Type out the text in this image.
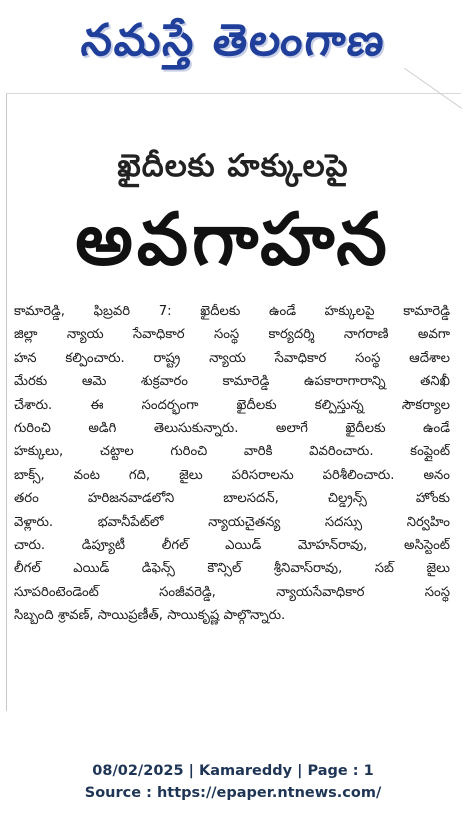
నమస్తే తెలంగాణ
ఖైదీలకు హక్కులపై
అవగాహన
కామారెడ్డి, ఫిబ్రవరి 7: ఖైదీలకు ఉండే హక్కులపై కామారెడ్డి
జిల్లా న్యాయ సేవాధికార సంస్థ కార్యదర్శి నాగరాణి అవగా
హన కల్పించారు. రాష్ట్ర న్యాయ సేవాధికార సంస్థ ఆదేశాల
మేరకు ఆమె శుక్రవారం కామారెడ్డి ఉపకారాగారాన్ని తనిఖీ
చేశారు. ఈ సందర్భంగా ఖైదీలకు కల్పిస్తున్న సౌకర్యాల
గురించి అడిగి తెలుసుకున్నారు. అలాగే ఖైదీలకు ఉండే
హక్కులు, చట్టాల గురించి వారికి వివరించారు. కంప్లైంట్
బాక్స్, వంట గది, జైలు పరిసరాలను పరిశీలించారు. అనం
తరం హరిజనవాడలోని బాలసదన్, చిల్డ్రన్స్ హోంకు
వెళ్లారు. భవానీపేట్‌లో న్యాయచైతన్య సదస్సు నిర్వహిం
చారు. డిప్యూటీ లీగల్ ఎయిడ్ మోహన్‌రావు, అసిస్టెంట్
లీగల్ ఎయిడ్ డిఫెన్స్ కౌన్సిల్ శ్రీనివాస్‌రావు, సబ్ జైలు
సూపరింటెండెంట్ సంజీవరెడ్డి, న్యాయసేవాధికార సంస్థ
సిబ్బంది శ్రావణ్, సాయిప్రణీత్, సాయికృష్ణ పాల్గొన్నారు.
08/02/2025 | Kamareddy | Page : 1
Source : https://epaper.ntnews.com/
